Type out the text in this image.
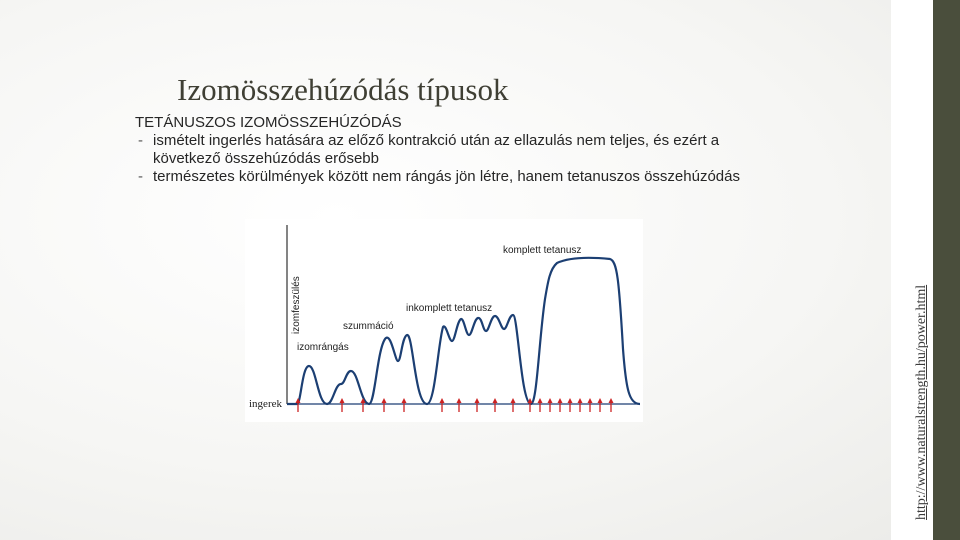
Izomösszehúzódás típusok
TETÁNUSZOS IZOMÖSSZEHÚZÓDÁS
- ismételt ingerlés hatására az előző kontrakció után az ellazulás nem teljes, és ezért a következő összehúzódás erősebb
- természetes körülmények között nem rángás jön létre, hanem tetanuszos összehúzódás
izomfeszülés
izomrángás
szummáció
inkomplett tetanusz
komplett tetanusz
ingerek	http://www.naturalstrength.hu/power.html
